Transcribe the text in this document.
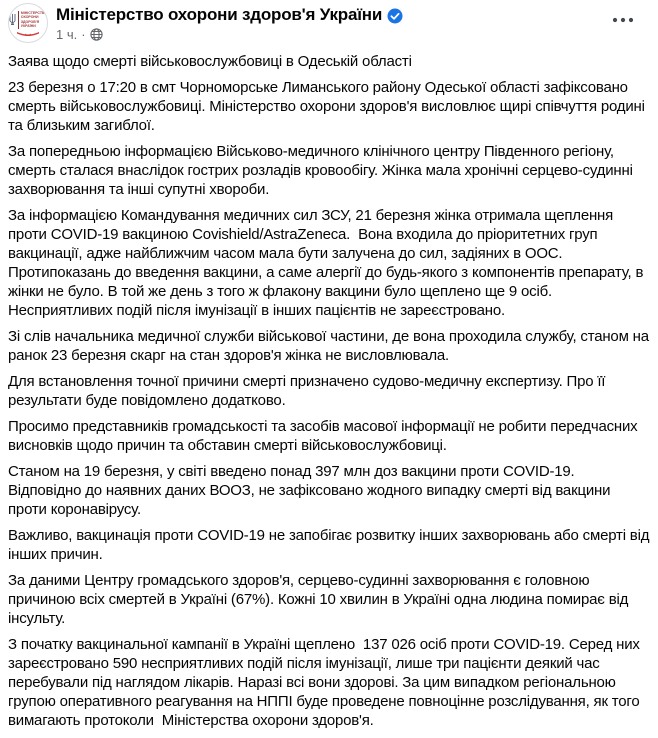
МІНІСТЕРСТВО
ОХОРОНИ
ЗДОРОВ'Я
УКРАЇНИ
Міністерство охорони здоров'я України
1 ч. ·

Заява щодо смерті військовослужбовиці в Одеській області

23 березня о 17:20 в смт Чорноморське Лиманського району Одеської області зафіксовано смерть військовослужбовиці. Міністерство охорони здоров'я висловлює щирі співчуття родині та близьким загиблої.

За попередньою інформацією Військово-медичного клінічного центру Південного регіону, смерть сталася внаслідок гострих розладів кровообігу. Жінка мала хронічні серцево-судинні захворювання та інші супутні хвороби.

За інформацією Командування медичних сил ЗСУ, 21 березня жінка отримала щеплення проти COVID-19 вакциною Covishield/AstraZeneca.  Вона входила до пріоритетних груп вакцинації, адже найближчим часом мала бути залучена до сил, задіяних в ООС. Протипоказань до введення вакцини, а саме алергії до будь-якого з компонентів препарату, в жінки не було. В той же день з того ж флакону вакцини було щеплено ще 9 осіб. Несприятливих подій після імунізації в інших пацієнтів не зареєстровано.

Зі слів начальника медичної служби військової частини, де вона проходила службу, станом на ранок 23 березня скарг на стан здоров'я жінка не висловлювала.

Для встановлення точної причини смерті призначено судово-медичну експертизу. Про її результати буде повідомлено додатково.

Просимо представників громадськості та засобів масової інформації не робити передчасних висновків щодо причин та обставин смерті військовослужбовиці.

Станом на 19 березня, у світі введено понад 397 млн доз вакцини проти COVID-19. Відповідно до наявних даних ВООЗ, не зафіксовано жодного випадку смерті від вакцини проти коронавірусу.

Важливо, вакцинація проти COVID-19 не запобігає розвитку інших захворювань або смерті від інших причин.

За даними Центру громадського здоров'я, серцево-судинні захворювання є головною причиною всіх смертей в Україні (67%). Кожні 10 хвилин в Україні одна людина помирає від інсульту.

З початку вакцинальної кампанії в Україні щеплено  137 026 осіб проти COVID-19. Серед них зареєстровано 590 несприятливих подій після імунізації, лише три пацієнти деякий час перебували під наглядом лікарів. Наразі всі вони здорові. За цим випадком регіональною групою оперативного реагування на НППІ буде проведене повноцінне розслідування, як того вимагають протоколи  Міністерства охорони здоров'я.
